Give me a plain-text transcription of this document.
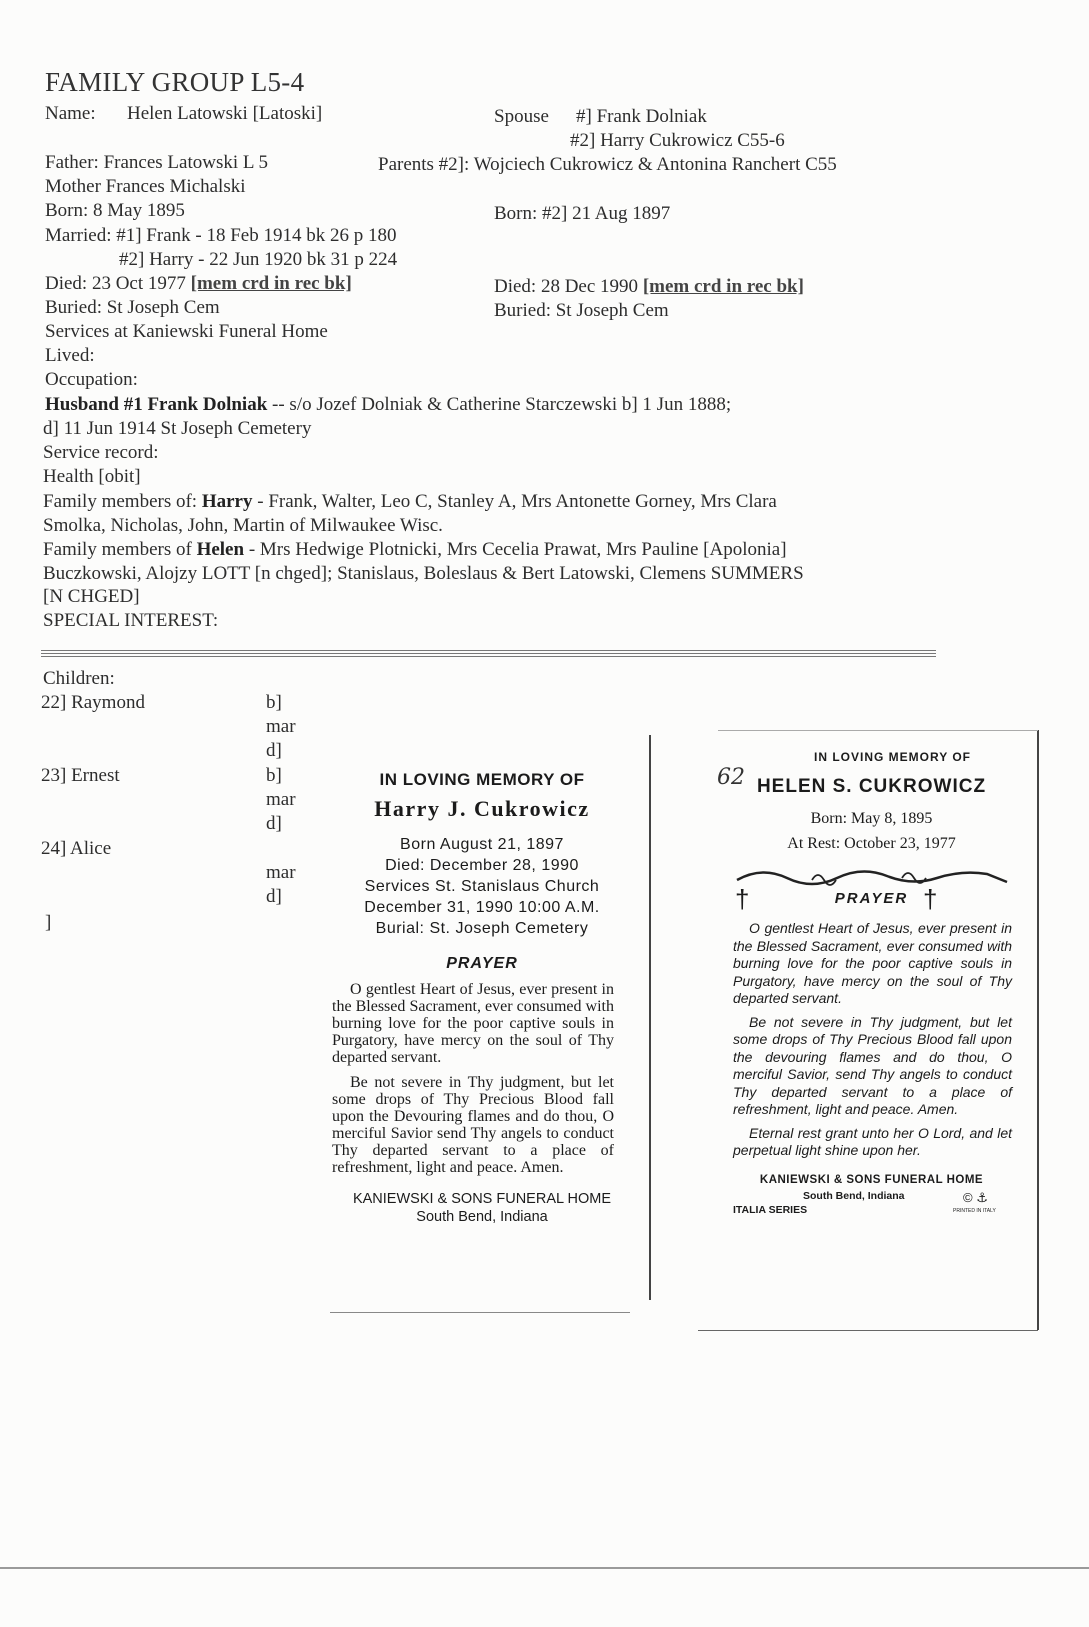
FAMILY GROUP L5-4
Name: Helen Latowski [Latoski]	Spouse #] Frank Dolniak
#2] Harry Cukrowicz C55-6
Father: Frances Latowski L 5	Parents #2]: Wojciech Cukrowicz & Antonina Ranchert C55
Mother Frances Michalski
Born: 8 May 1895	Born: #2] 21 Aug 1897
Married: #1] Frank - 18 Feb 1914 bk 26 p 180
#2] Harry - 22 Jun 1920 bk 31 p 224
Died: 23 Oct 1977 [mem crd in rec bk]	Died: 28 Dec 1990 [mem crd in rec bk]
Buried: St Joseph Cem	Buried: St Joseph Cem
Services at Kaniewski Funeral Home
Lived:
Occupation:
Husband #1 Frank Dolniak -- s/o Jozef Dolniak & Catherine Starczewski b] 1 Jun 1888;
d] 11 Jun 1914 St Joseph Cemetery
Service record:
Health [obit]
Family members of: Harry - Frank, Walter, Leo C, Stanley A, Mrs Antonette Gorney, Mrs Clara
Smolka, Nicholas, John, Martin of Milwaukee Wisc.
Family members of Helen - Mrs Hedwige Plotnicki, Mrs Cecelia Prawat, Mrs Pauline [Apolonia]
Buczkowski, Alojzy LOTT [n chged]; Stanislaus, Boleslaus & Bert Latowski, Clemens SUMMERS
[N CHGED]
SPECIAL INTEREST:
Children:
22] Raymond	b]
mar
d]
23] Ernest	b]
mar
d]
24] Alice
mar
d]
]
IN LOVING MEMORY OF
Harry J. Cukrowicz
Born August 21, 1897
Died: December 28, 1990
Services St. Stanislaus Church
December 31, 1990 10:00 A.M.
Burial: St. Joseph Cemetery
PRAYER

O gentlest Heart of Jesus, ever present in the Blessed Sacrament, ever consumed with burning love for the poor captive souls in Purgatory, have mercy on the soul of Thy departed servant.

Be not severe in Thy judgment, but let some drops of Thy Precious Blood fall upon the Devouring flames and do thou, O merciful Savior send Thy angels to conduct Thy departed servant to a place of refreshment, light and peace. Amen.

KANIEWSKI & SONS FUNERAL HOME
South Bend, Indiana
62
IN LOVING MEMORY OF
HELEN S. CUKROWICZ
Born: May 8, 1895
At Rest: October 23, 1977
†	PRAYER †

O gentlest Heart of Jesus, ever present in the Blessed Sacrament, ever consumed with burning love for the poor captive souls in Purgatory, have mercy on the soul of Thy departed servant.

Be not severe in Thy judgment, but let some drops of Thy Precious Blood fall upon the devouring flames and do thou, O merciful Savior, send Thy angels to conduct Thy departed servant to a place of refreshment, light and peace. Amen.

Eternal rest grant unto her O Lord, and let perpetual light shine upon her.

KANIEWSKI & SONS FUNERAL HOME
South Bend, Indiana
ITALIA SERIES
© ⚓
PRINTED IN ITALY
